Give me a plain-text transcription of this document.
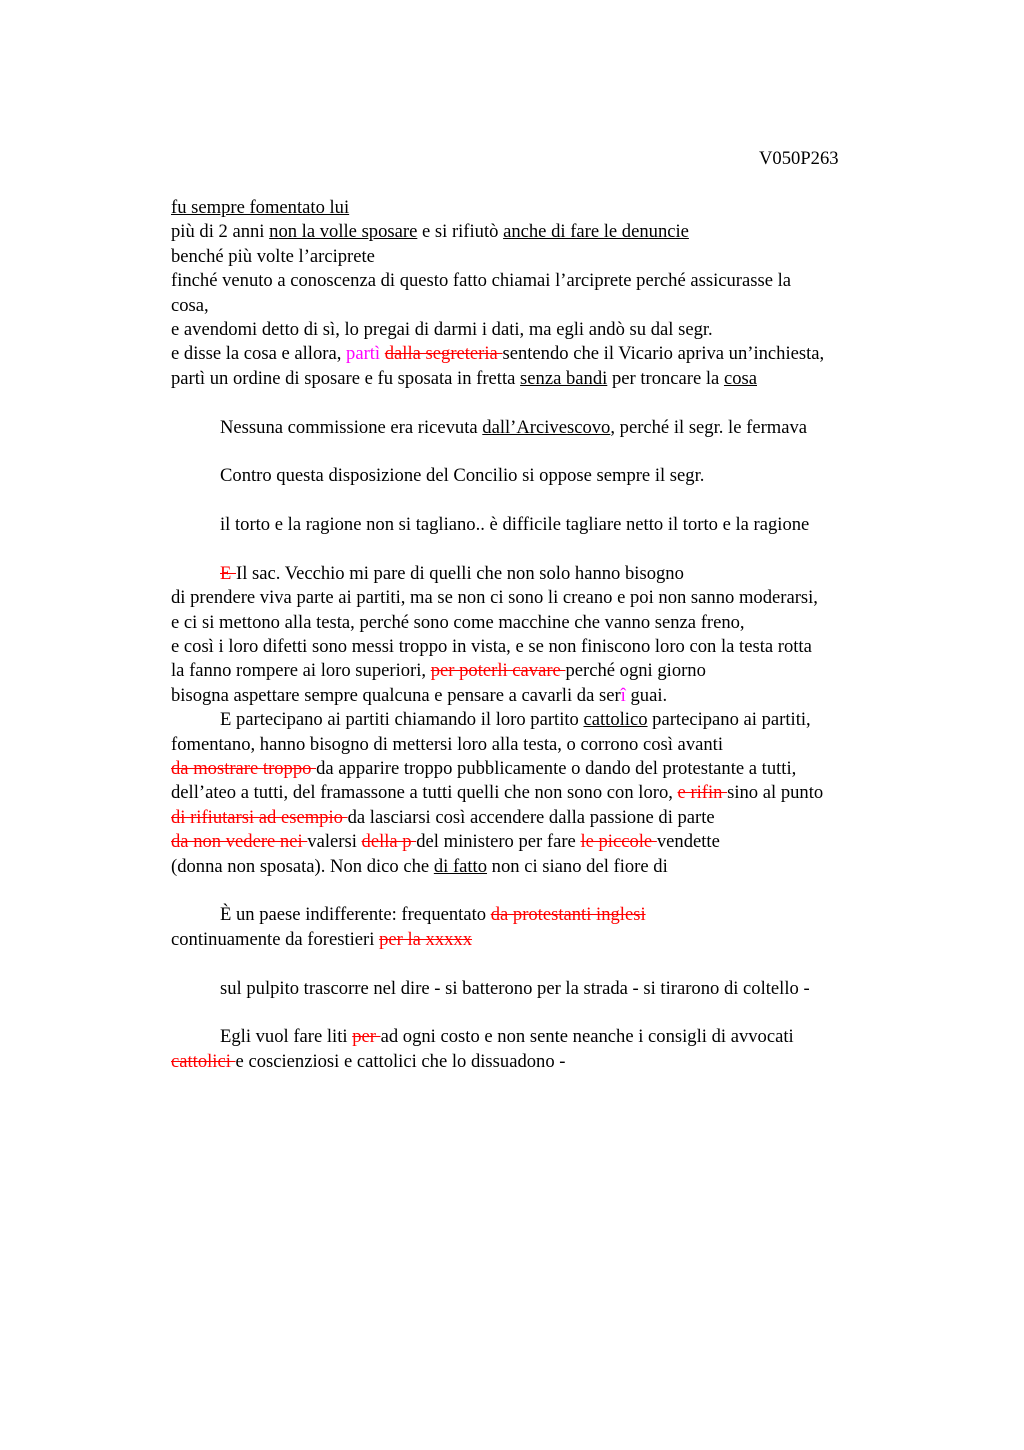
V050P263
fu sempre fomentato lui
più di 2 anni non la volle sposare e si rifiutò anche di fare le denuncie
benché più volte l’arciprete
finché venuto a conoscenza di questo fatto chiamai l’arciprete perché assicurasse la
cosa,
e avendomi detto di sì, lo pregai di darmi i dati, ma egli andò su dal segr.
e disse la cosa e allora, partì dalla segreteria sentendo che il Vicario apriva un’inchiesta,
partì un ordine di sposare e fu sposata in fretta senza bandi per troncare la cosa
Nessuna commissione era ricevuta dall’Arcivescovo, perché il segr. le fermava
Contro questa disposizione del Concilio si oppose sempre il segr.
il torto e la ragione non si tagliano.. è difficile tagliare netto il torto e la ragione
E Il sac. Vecchio mi pare di quelli che non solo hanno bisogno
di prendere viva parte ai partiti, ma se non ci sono li creano e poi non sanno moderarsi,
e ci si mettono alla testa, perché sono come macchine che vanno senza freno,
e così i loro difetti sono messi troppo in vista, e se non finiscono loro con la testa rotta
la fanno rompere ai loro superiori, per poterli cavare perché ogni giorno
bisogna aspettare sempre qualcuna e pensare a cavarli da serî guai.
E partecipano ai partiti chiamando il loro partito cattolico partecipano ai partiti,
fomentano, hanno bisogno di mettersi loro alla testa, o corrono così avanti
da mostrare troppo da apparire troppo pubblicamente o dando del protestante a tutti,
dell’ateo a tutti, del framassone a tutti quelli che non sono con loro, e rifin sino al punto
di rifiutarsi ad esempio da lasciarsi così accendere dalla passione di parte
da non vedere nei valersi della p del ministero per fare le piccole vendette
(donna non sposata). Non dico che di fatto non ci siano del fiore di
È un paese indifferente: frequentato da protestanti inglesi
continuamente da forestieri per la xxxxx
sul pulpito trascorre nel dire - si batterono per la strada - si tirarono di coltello -
Egli vuol fare liti per ad ogni costo e non sente neanche i consigli di avvocati
cattolici e coscienziosi e cattolici che lo dissuadono -
